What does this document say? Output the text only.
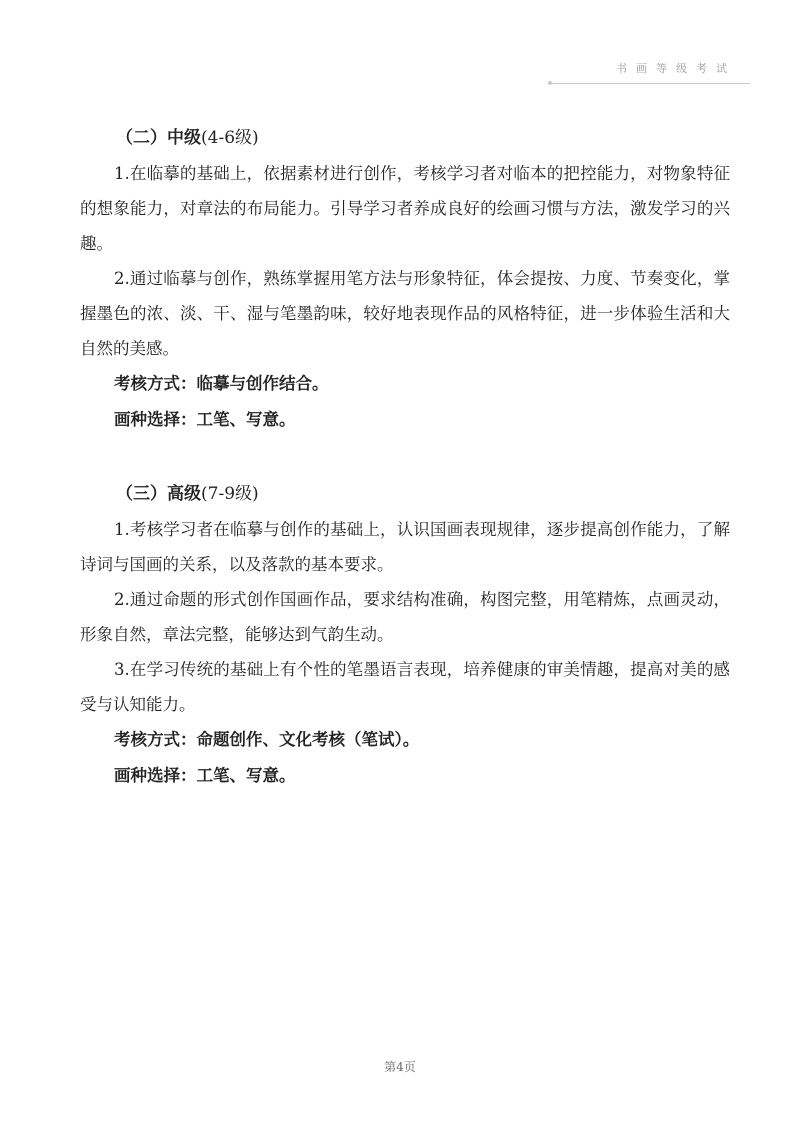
书画等级考试
（二）中级(4-6级)

1.在临摹的基础上，依据素材进行创作，考核学习者对临本的把控能力，对物象特征的想象能力，对章法的布局能力。引导学习者养成良好的绘画习惯与方法，激发学习的兴趣。

2.通过临摹与创作，熟练掌握用笔方法与形象特征，体会提按、力度、节奏变化，掌握墨色的浓、淡、干、湿与笔墨韵味，较好地表现作品的风格特征，进一步体验生活和大自然的美感。

考核方式：临摹与创作结合。

画种选择：工笔、写意。

（三）高级(7-9级)

1.考核学习者在临摹与创作的基础上，认识国画表现规律，逐步提高创作能力，了解诗词与国画的关系，以及落款的基本要求。

2.通过命题的形式创作国画作品，要求结构准确，构图完整，用笔精炼，点画灵动，形象自然，章法完整，能够达到气韵生动。

3.在学习传统的基础上有个性的笔墨语言表现，培养健康的审美情趣，提高对美的感受与认知能力。

考核方式：命题创作、文化考核（笔试）。

画种选择：工笔、写意。

第4页
